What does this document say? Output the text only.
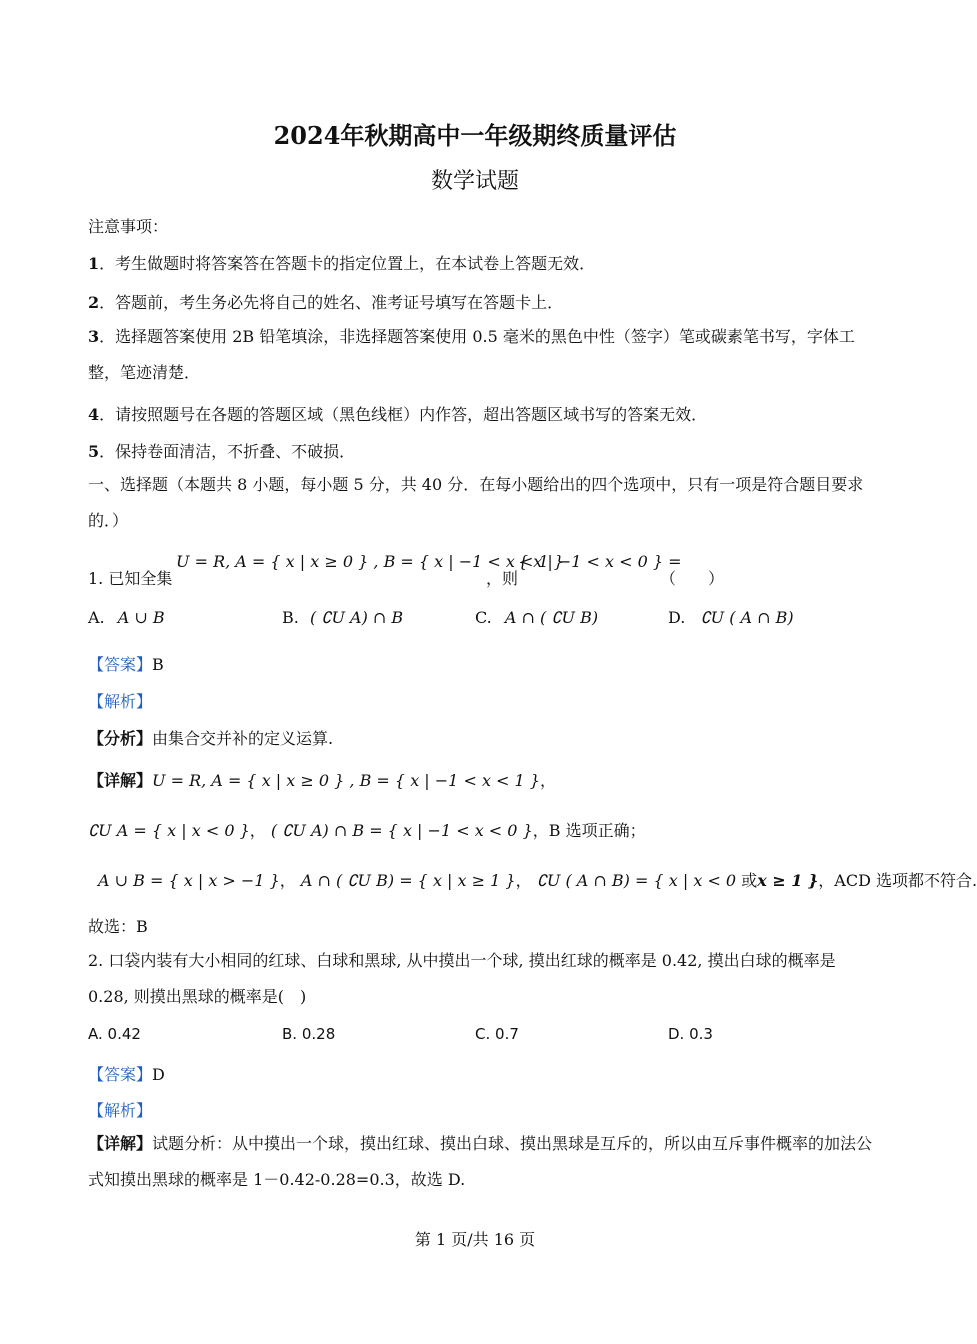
2024年秋期高中一年级期终质量评估
数学试题
注意事项：
1．考生做题时将答案答在答题卡的指定位置上，在本试卷上答题无效．
2．答题前，考生务必先将自己的姓名、准考证号填写在答题卡上．
3．选择题答案使用 2B 铅笔填涂，非选择题答案使用 0.5 毫米的黑色中性（签字）笔或碳素笔书写，字体工整，笔迹清楚．
4．请按照题号在各题的答题区域（黑色线框）内作答，超出答题区域书写的答案无效．
5．保持卷面清洁，不折叠、不破损．
一、选择题（本题共 8 小题，每小题 5 分，共 40 分．在每小题给出的四个选项中，只有一项是符合题目要求的．）
1. 已知全集
U = R, A = { x | x ≥ 0 } , B = { x | −1 < x < 1 }
，则
{ x | −1 < x < 0 } =
（　　）
A. A ∪ B	B. ( ∁U A) ∩ B	C. A ∩ ( ∁U B)	D. ∁U ( A ∩ B)
【答案】B
【解析】
【分析】由集合交并补的定义运算.
【详解】U = R, A = { x | x ≥ 0 } , B = { x | −1 < x < 1 }，
∁U A = { x | x < 0 }， ( ∁U A) ∩ B = { x | −1 < x < 0 }，B 选项正确；
A ∪ B = { x | x > −1 }， A ∩ ( ∁U B) = { x | x ≥ 1 }， ∁U ( A ∩ B) = { x | x < 0 或x ≥ 1 }，ACD 选项都不符合.
故选：B
2. 口袋内装有大小相同的红球、白球和黑球, 从中摸出一个球, 摸出红球的概率是 0.42, 摸出白球的概率是 0.28, 则摸出黑球的概率是(　)
A. 0.42	B. 0.28	C. 0.7	D. 0.3
【答案】D
【解析】
【详解】试题分析：从中摸出一个球，摸出红球、摸出白球、摸出黑球是互斥的，所以由互斥事件概率的加法公式知摸出黑球的概率是 1－0.42-0.28=0.3，故选 D.
第 1 页/共 16 页
